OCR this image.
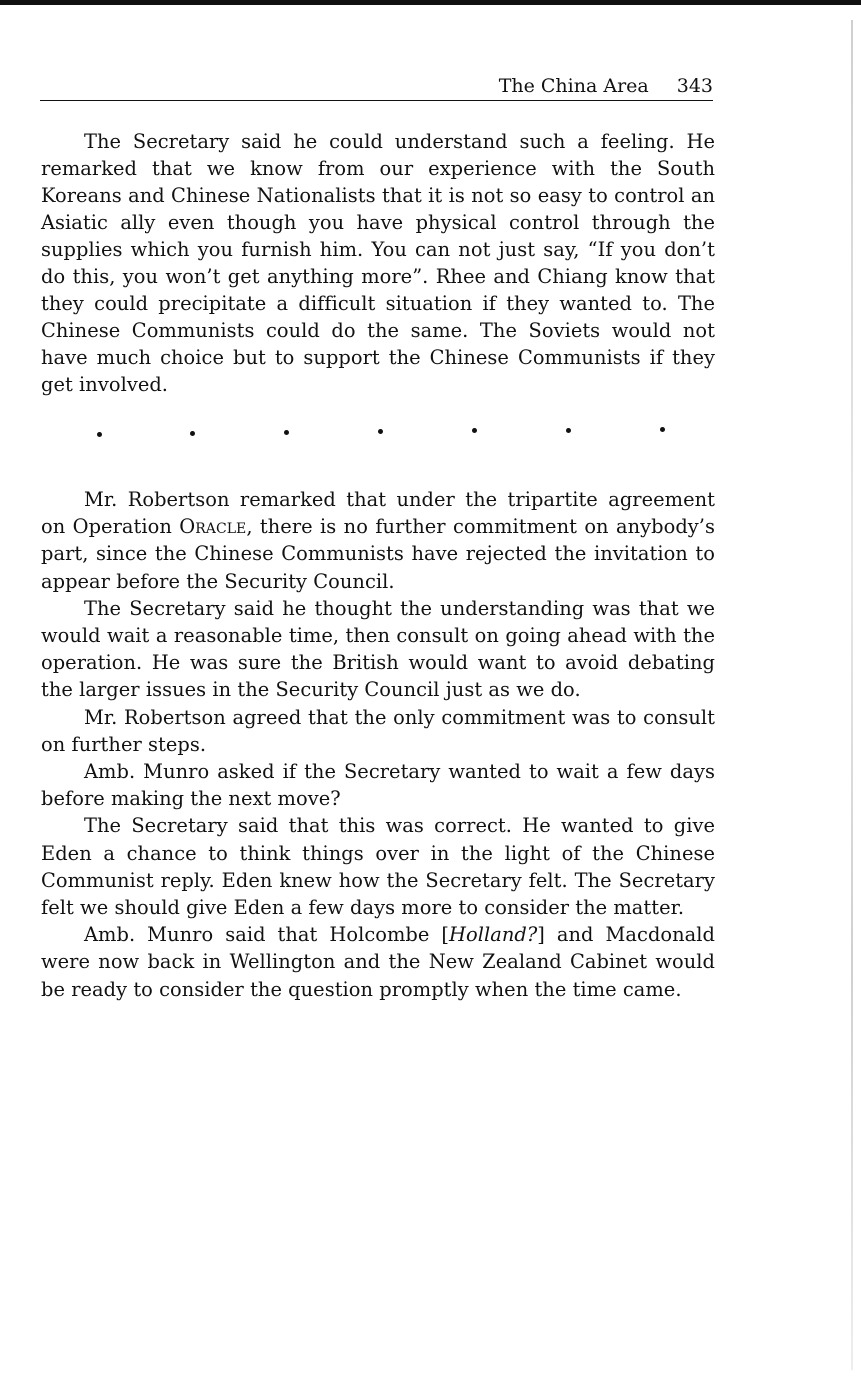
The China Area 343

The Secretary said he could understand such a feeling. He remarked that we know from our experience with the South Koreans and Chinese Nationalists that it is not so easy to control an Asiatic ally even though you have physical control through the supplies which you furnish him. You can not just say, “If you don’t do this, you won’t get anything more”. Rhee and Chiang know that they could precipitate a difficult situation if they wanted to. The Chinese Communists could do the same. The Soviets would not have much choice but to support the Chinese Communists if they get involved.

Mr. Robertson remarked that under the tripartite agreement on Operation Oracle, there is no further commitment on anybody’s part, since the Chinese Communists have rejected the invitation to appear before the Security Council.

The Secretary said he thought the understanding was that we would wait a reasonable time, then consult on going ahead with the operation. He was sure the British would want to avoid debating the larger issues in the Security Council just as we do.

Mr. Robertson agreed that the only commitment was to consult on further steps.

Amb. Munro asked if the Secretary wanted to wait a few days before making the next move?

The Secretary said that this was correct. He wanted to give Eden a chance to think things over in the light of the Chinese Communist reply. Eden knew how the Secretary felt. The Secretary felt we should give Eden a few days more to consider the matter.

Amb. Munro said that Holcombe [Holland?] and Macdonald were now back in Wellington and the New Zealand Cabinet would be ready to consider the question promptly when the time came.
